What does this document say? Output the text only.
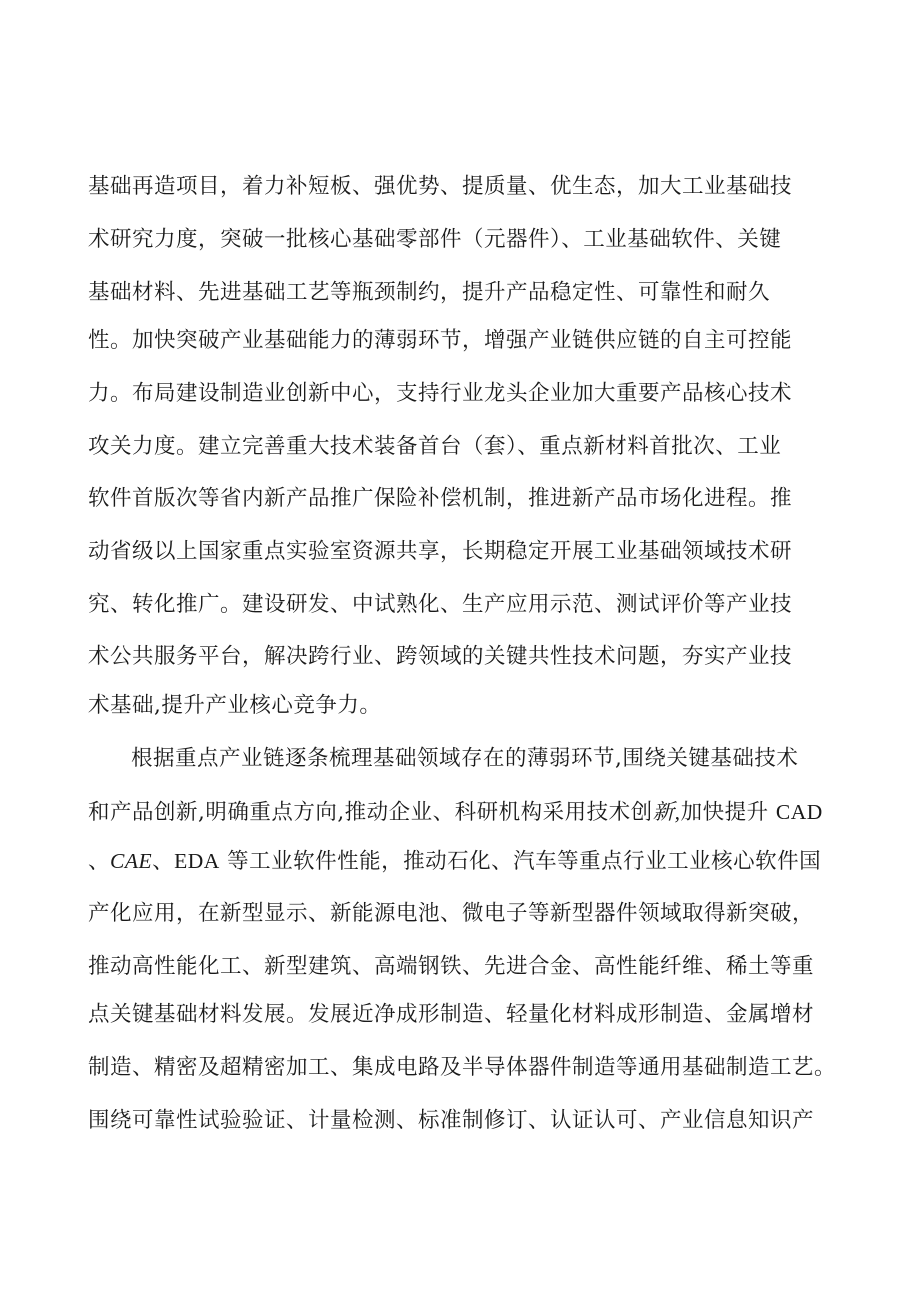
基础再造项目，着力补短板、强优势、提质量、优生态，加大工业基础技
术研究力度，突破一批核心基础零部件（元器件）、工业基础软件、关键
基础材料、先进基础工艺等瓶颈制约，提升产品稳定性、可靠性和耐久
性。加快突破产业基础能力的薄弱环节，增强产业链供应链的自主可控能
力。布局建设制造业创新中心，支持行业龙头企业加大重要产品核心技术
攻关力度。建立完善重大技术装备首台（套）、重点新材料首批次、工业
软件首版次等省内新产品推广保险补偿机制，推进新产品市场化进程。推
动省级以上国家重点实验室资源共享，长期稳定开展工业基础领域技术研
究、转化推广。建设研发、中试熟化、生产应用示范、测试评价等产业技
术公共服务平台，解决跨行业、跨领域的关键共性技术问题，夯实产业技
术基础,提升产业核心竞争力。
根据重点产业链逐条梳理基础领域存在的薄弱环节,围绕关键基础技术
和产品创新,明确重点方向,推动企业、科研机构采用技术创新,加快提升 CAD
、CAE、EDA 等工业软件性能，推动石化、汽车等重点行业工业核心软件国
产化应用，在新型显示、新能源电池、微电子等新型器件领域取得新突破，
推动高性能化工、新型建筑、高端钢铁、先进合金、高性能纤维、稀土等重
点关键基础材料发展。发展近净成形制造、轻量化材料成形制造、金属增材
制造、精密及超精密加工、集成电路及半导体器件制造等通用基础制造工艺。
围绕可靠性试验验证、计量检测、标准制修订、认证认可、产业信息知识产
